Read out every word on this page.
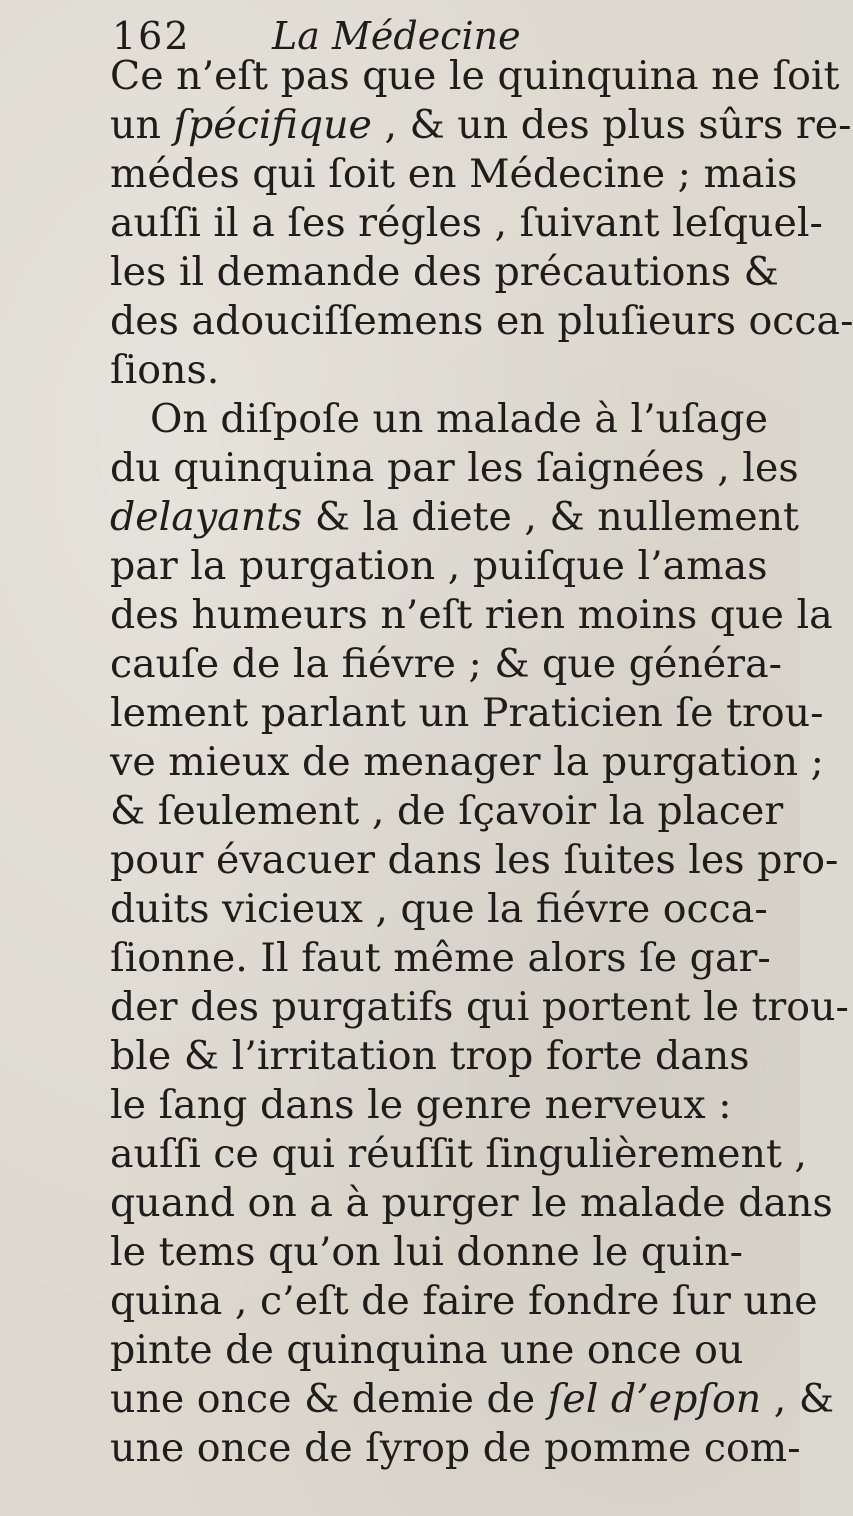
162 La Médecine
Ce n’eſt pas que le quinquina ne ſoit
un ſpécifique , & un des plus sûrs re-
médes qui ſoit en Médecine ; mais
auſſi il a ſes régles , ſuivant leſquel-
les il demande des précautions &
des adouciſſemens en pluſieurs occa-
ſions.
On diſpoſe un malade à l’uſage
du quinquina par les ſaignées , les
delayants & la diete , & nullement
par la purgation , puiſque l’amas
des humeurs n’eſt rien moins que la
cauſe de la fiévre ; & que généra-
lement parlant un Praticien ſe trou-
ve mieux de menager la purgation ;
& ſeulement , de ſçavoir la placer
pour évacuer dans les ſuites les pro-
duits vicieux , que la fiévre occa-
ſionne. Il faut même alors ſe gar-
der des purgatifs qui portent le trou-
ble & l’irritation trop forte dans
le ſang dans le genre nerveux :
auſſi ce qui réuſſit ſingulièrement ,
quand on a à purger le malade dans
le tems qu’on lui donne le quin-
quina , c’eſt de faire fondre ſur une
pinte de quinquina une once ou
une once & demie de ſel d’epſon , &
une once de ſyrop de pomme com-
